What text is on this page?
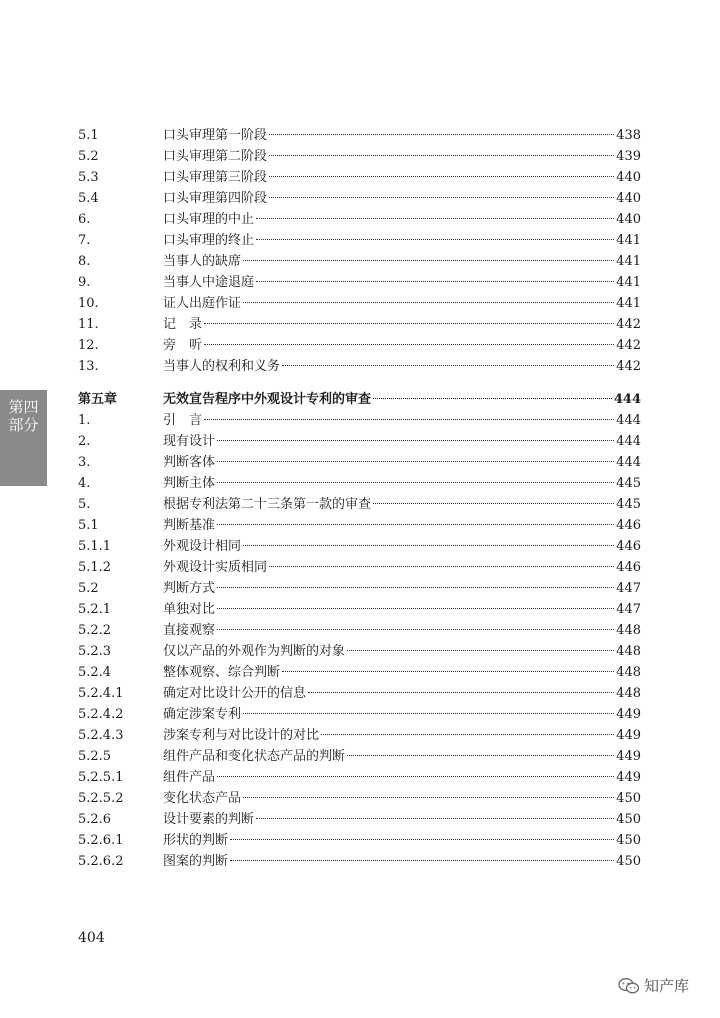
第四
部分
5.1	口头审理第一阶段	438
5.2	口头审理第二阶段	439
5.3	口头审理第三阶段	440
5.4	口头审理第四阶段	440
6.	口头审理的中止	440
7.	口头审理的终止	441
8.	当事人的缺席	441
9.	当事人中途退庭	441
10.	证人出庭作证	441
11.	记　录	442
12.	旁　听	442
13.	当事人的权利和义务	442
第五章	无效宣告程序中外观设计专利的审查	444
1.	引　言	444
2.	现有设计	444
3.	判断客体	444
4.	判断主体	445
5.	根据专利法第二十三条第一款的审查	445
5.1	判断基准	446
5.1.1	外观设计相同	446
5.1.2	外观设计实质相同	446
5.2	判断方式	447
5.2.1	单独对比	447
5.2.2	直接观察	448
5.2.3	仅以产品的外观作为判断的对象	448
5.2.4	整体观察、综合判断	448
5.2.4.1	确定对比设计公开的信息	448
5.2.4.2	确定涉案专利	449
5.2.4.3	涉案专利与对比设计的对比	449
5.2.5	组件产品和变化状态产品的判断	449
5.2.5.1	组件产品	449
5.2.5.2	变化状态产品	450
5.2.6	设计要素的判断	450
5.2.6.1	形状的判断	450
5.2.6.2	图案的判断	450
404
知产库
